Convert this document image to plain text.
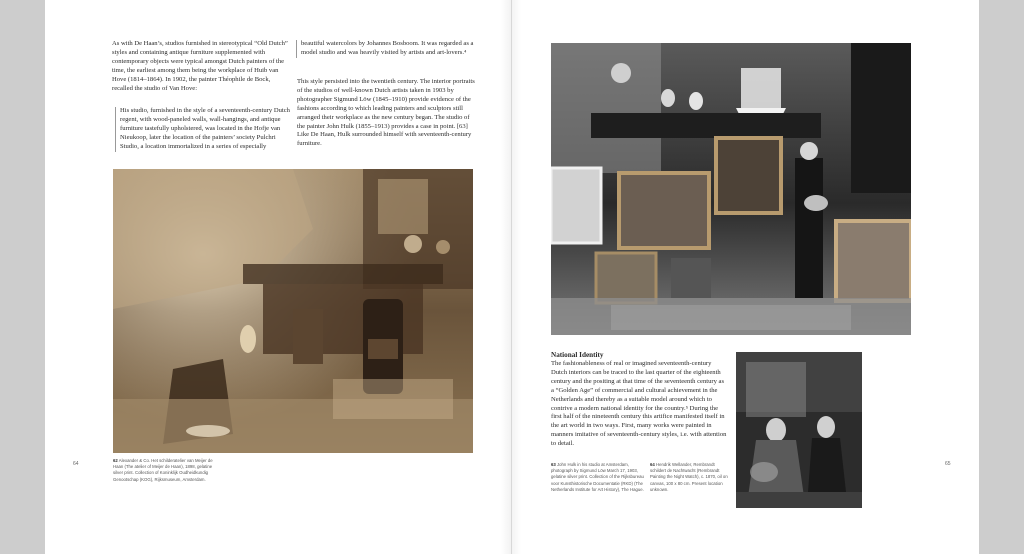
As with De Haan’s, studios furnished in stereotypical “Old Dutch” styles and containing antique furniture supplemented with contemporary objects were typical amongst Dutch painters of the time, the earliest among them being the workplace of Huib van Hove (1814–1864). In 1902, the painter Théophile de Bock, recalled the studio of Van Hove:

His studio, furnished in the style of a seventeenth-century Dutch regent, with wood-paneled walls, wall-hangings, and antique furniture tastefully upholstered, was located in the Hofje van Nieukoop, later the location of the painters’ society Pulchri Studio, a location immortalized in a series of especially
beautiful watercolors by Johannes Bosboom. It was regarded as a model studio and was heavily visited by artists and art-lovers.⁴

This style persisted into the twentieth century. The interior portraits of the studios of well-known Dutch artists taken in 1903 by photographer Sigmund Löw (1845–1910) provide evidence of the fashions according to which leading painters and sculptors still arranged their workplace as the new century began. The studio of the painter John Hulk (1855–1913) provides a case in point. [63] Like De Haan, Hulk surrounded himself with seventeenth-century furniture.

62 Alexander & Co. Het schilderatelier van Meijer de Haan (The atelier of Meijer de Haan), 1898, gelatine silver print. Collection of Koninklijk Oudheidkundig Genootschap (KOG), Rijksmuseum, Amsterdam.
64
National Identity

The fashionableness of real or imagined seventeenth-century Dutch interiors can be traced to the last quarter of the eighteenth century and the positing at that time of the seventeenth century as a “Golden Age” of commercial and cultural achievement in the Netherlands and thereby as a suitable model around which to contrive a modern national identity for the country.⁵ During the first half of the nineteenth century this artifice manifested itself in the art world in two ways. First, many works were painted in manners imitative of seventeenth-century styles, i.e. with attention to detail.

63 John Hulk in his studio at Amsterdam, photograph by Sigmund Löw March 17, 1903, gelatine silver print. Collection of the Rijksbureau voor Kunsthistorische Documentatie (RKD) (The Netherlands Institute for Art History), The Hague.
64 Hendrik Wellander, Rembrandt schildert de Nachtwacht (Rembrandt Painting the Night Watch), c. 1870, oil on canvas, 100 x 80 cm. Present location unknown.
65
